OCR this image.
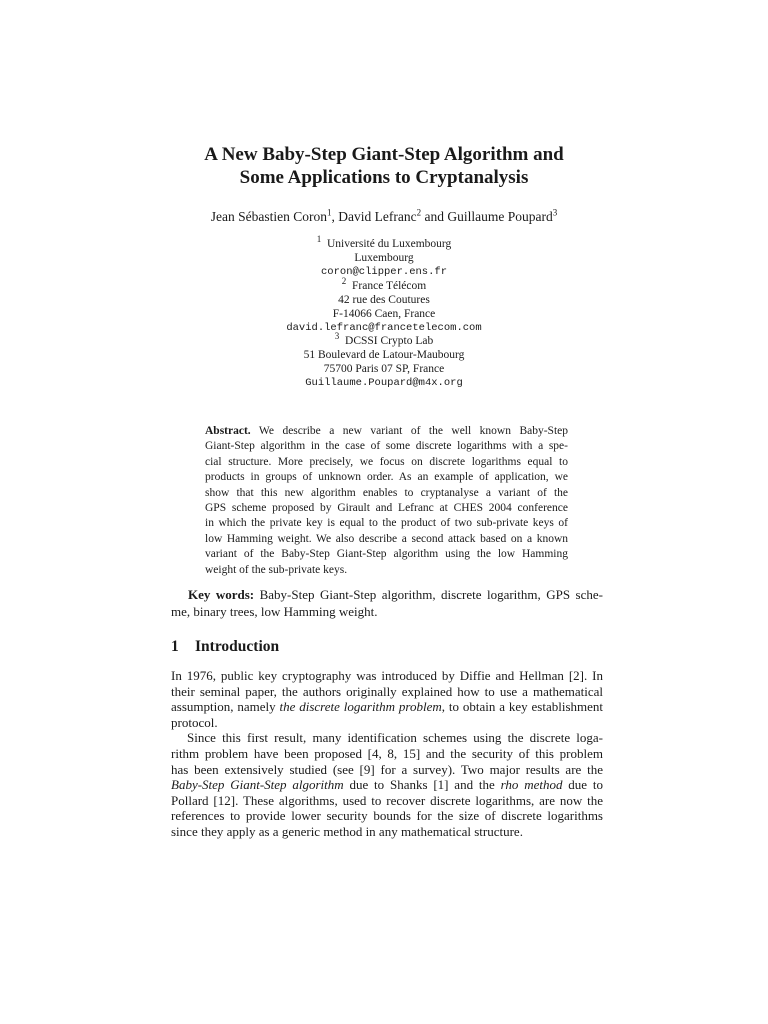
A New Baby-Step Giant-Step Algorithm and
Some Applications to Cryptanalysis
Jean Sébastien Coron$^1$, David Lefranc$^2$ and Guillaume Poupard$^3$
$^1$ Université du Luxembourg
Luxembourg
coron@clipper.ens.fr
$^2$ France Télécom
42 rue des Coutures
F-14066 Caen, France
david.lefranc@francetelecom.com
$^3$ DCSSI Crypto Lab
51 Boulevard de Latour-Maubourg
75700 Paris 07 SP, France
Guillaume.Poupard@m4x.org
Abstract. We describe a new variant of the well known Baby-Step
Giant-Step algorithm in the case of some discrete logarithms with a spe-
cial structure. More precisely, we focus on discrete logarithms equal to
products in groups of unknown order. As an example of application, we
show that this new algorithm enables to cryptanalyse a variant of the
GPS scheme proposed by Girault and Lefranc at CHES 2004 conference
in which the private key is equal to the product of two sub-private keys of
low Hamming weight. We also describe a second attack based on a known
variant of the Baby-Step Giant-Step algorithm using the low Hamming
weight of the sub-private keys.
Key words: Baby-Step Giant-Step algorithm, discrete logarithm, GPS sche-
me, binary trees, low Hamming weight.
1 Introduction
In 1976, public key cryptography was introduced by Diffie and Hellman [2]. In
their seminal paper, the authors originally explained how to use a mathematical
assumption, namely the discrete logarithm problem, to obtain a key establishment
protocol.
Since this first result, many identification schemes using the discrete loga-
rithm problem have been proposed [4, 8, 15] and the security of this problem
has been extensively studied (see [9] for a survey). Two major results are the
Baby-Step Giant-Step algorithm due to Shanks [1] and the rho method due to
Pollard [12]. These algorithms, used to recover discrete logarithms, are now the
references to provide lower security bounds for the size of discrete logarithms
since they apply as a generic method in any mathematical structure.
